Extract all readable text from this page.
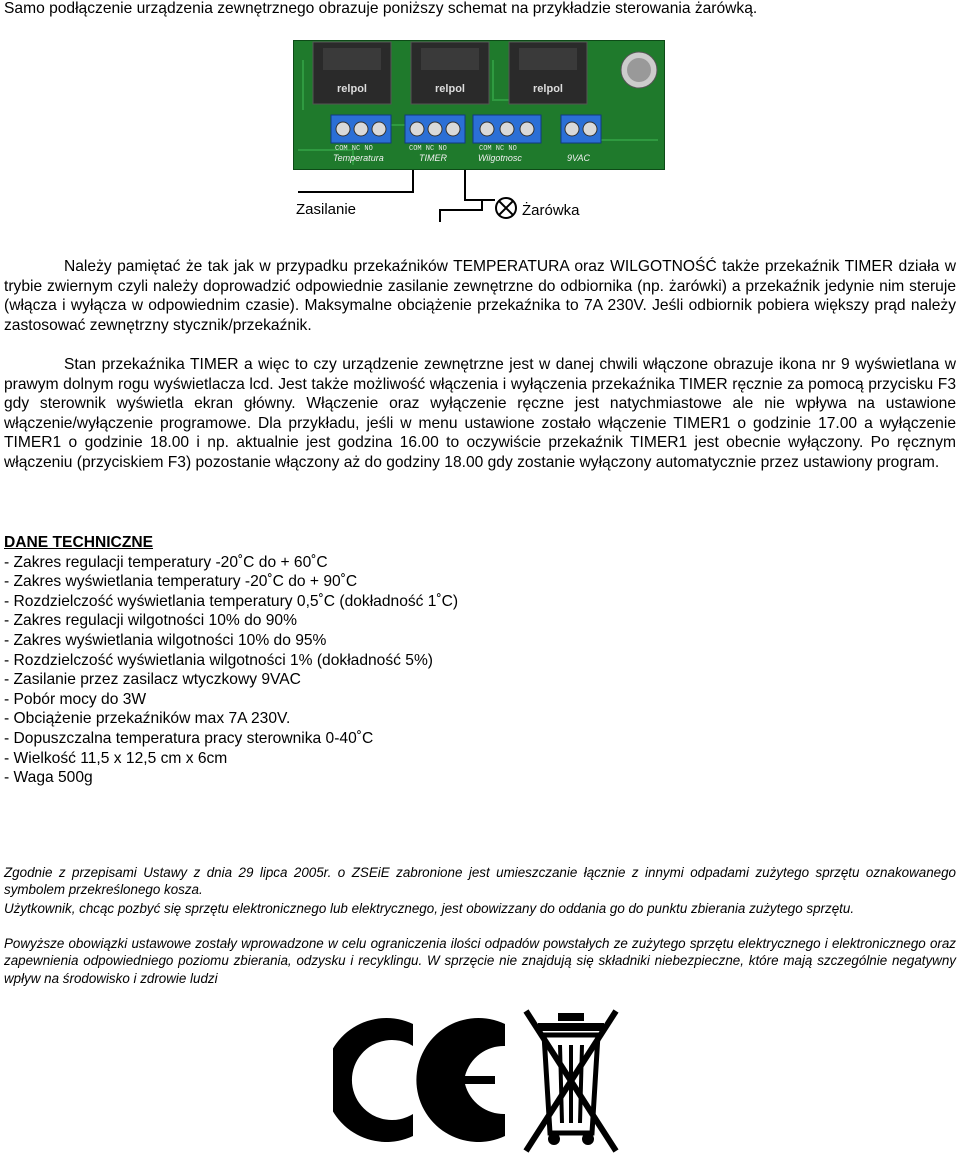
Samo podłączenie urządzenia zewnętrznego obrazuje poniższy schemat na przykładzie sterowania żarówką.

relpol	relpol	relpol
COM NC NO	COM NC NO	COM NC NO
Temperatura	TIMER	Wilgotnosc	9VAC
Zasilanie	Żarówka

Należy pamiętać że tak jak w przypadku przekaźników TEMPERATURA oraz WILGOTNOŚĆ także przekaźnik TIMER działa w trybie zwiernym czyli należy doprowadzić odpowiednie zasilanie zewnętrzne do odbiornika (np. żarówki) a przekaźnik jedynie nim steruje (włącza i wyłącza w odpowiednim czasie). Maksymalne obciążenie przekaźnika to 7A 230V. Jeśli odbiornik pobiera większy prąd należy zastosować zewnętrzny stycznik/przekaźnik.

Stan przekaźnika TIMER a więc to czy urządzenie zewnętrzne jest w danej chwili włączone obrazuje ikona nr 9 wyświetlana w prawym dolnym rogu wyświetlacza lcd. Jest także możliwość włączenia i wyłączenia przekaźnika TIMER ręcznie za pomocą przycisku F3 gdy sterownik wyświetla ekran główny. Włączenie oraz wyłączenie ręczne jest natychmiastowe ale nie wpływa na ustawione włączenie/wyłączenie programowe. Dla przykładu, jeśli w menu ustawione zostało włączenie TIMER1 o godzinie 17.00 a wyłączenie TIMER1 o godzinie 18.00 i np. aktualnie jest godzina 16.00 to oczywiście przekaźnik TIMER1 jest obecnie wyłączony. Po ręcznym włączeniu (przyciskiem F3) pozostanie włączony aż do godziny 18.00 gdy zostanie wyłączony automatycznie przez ustawiony program.

DANE TECHNICZNE
- Zakres regulacji temperatury -20˚C do + 60˚C
- Zakres wyświetlania temperatury -20˚C do + 90˚C
- Rozdzielczość wyświetlania temperatury 0,5˚C (dokładność 1˚C)
- Zakres regulacji wilgotności 10% do 90%
- Zakres wyświetlania wilgotności 10% do 95%
- Rozdzielczość wyświetlania wilgotności 1% (dokładność 5%)
- Zasilanie przez zasilacz wtyczkowy 9VAC
- Pobór mocy do 3W
- Obciążenie przekaźników max 7A 230V.
- Dopuszczalna temperatura pracy sterownika 0-40˚C
- Wielkość 11,5 x 12,5 cm x 6cm
- Waga 500g

Zgodnie z przepisami Ustawy z dnia 29 lipca 2005r. o ZSEiE zabronione jest umieszczanie łącznie z innymi odpadami zużytego sprzętu oznakowanego symbolem przekreślonego kosza.

Użytkownik, chcąc pozbyć się sprzętu elektronicznego lub elektrycznego, jest obowizzany do oddania go do punktu zbierania zużytego sprzętu.

Powyższe obowiązki ustawowe zostały wprowadzone w celu ograniczenia ilości odpadów powstałych ze zużytego sprzętu elektrycznego i elektronicznego oraz zapewnienia odpowiedniego poziomu zbierania, odzysku i recyklingu. W sprzęcie nie znajdują się składniki niebezpieczne, które mają szczególnie negatywny wpływ na środowisko i zdrowie ludzi
